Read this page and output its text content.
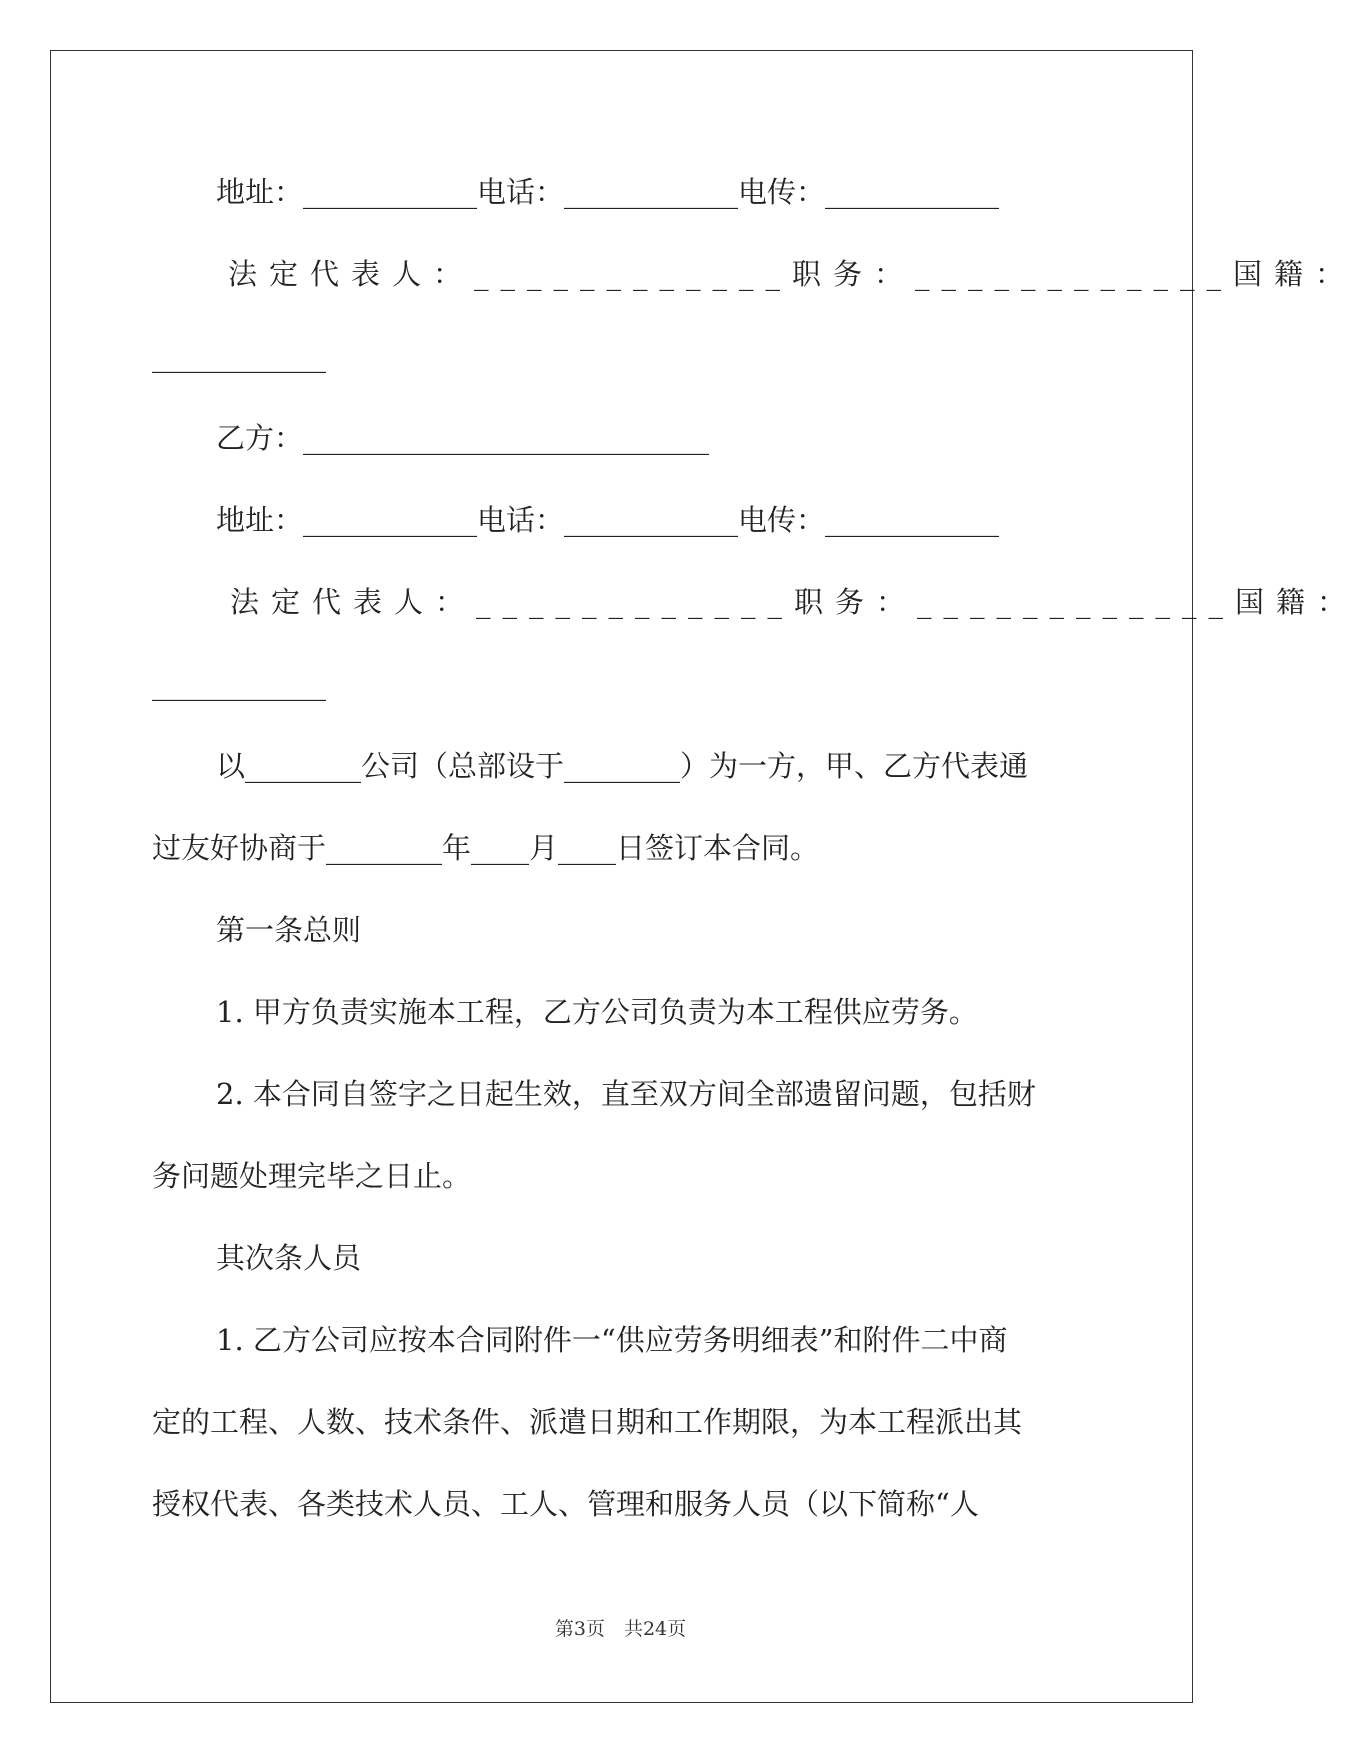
地址：____________电话：____________电传：____________
法定代表人：____________职务：____________国籍：
____________
乙方：____________________________
地址：____________电话：____________电传：____________
法定代表人：____________职务：____________国籍：
____________
以________公司（总部设于________）为一方，甲、乙方代表通
过友好协商于________年____月____日签订本合同。
第一条总则
1. 甲方负责实施本工程，乙方公司负责为本工程供应劳务。
2. 本合同自签字之日起生效，直至双方间全部遗留问题，包括财
务问题处理完毕之日止。
其次条人员
1. 乙方公司应按本合同附件一“供应劳务明细表”和附件二中商
定的工程、人数、技术条件、派遣日期和工作期限，为本工程派出其
授权代表、各类技术人员、工人、管理和服务人员（以下简称“人
第3页　共24页
